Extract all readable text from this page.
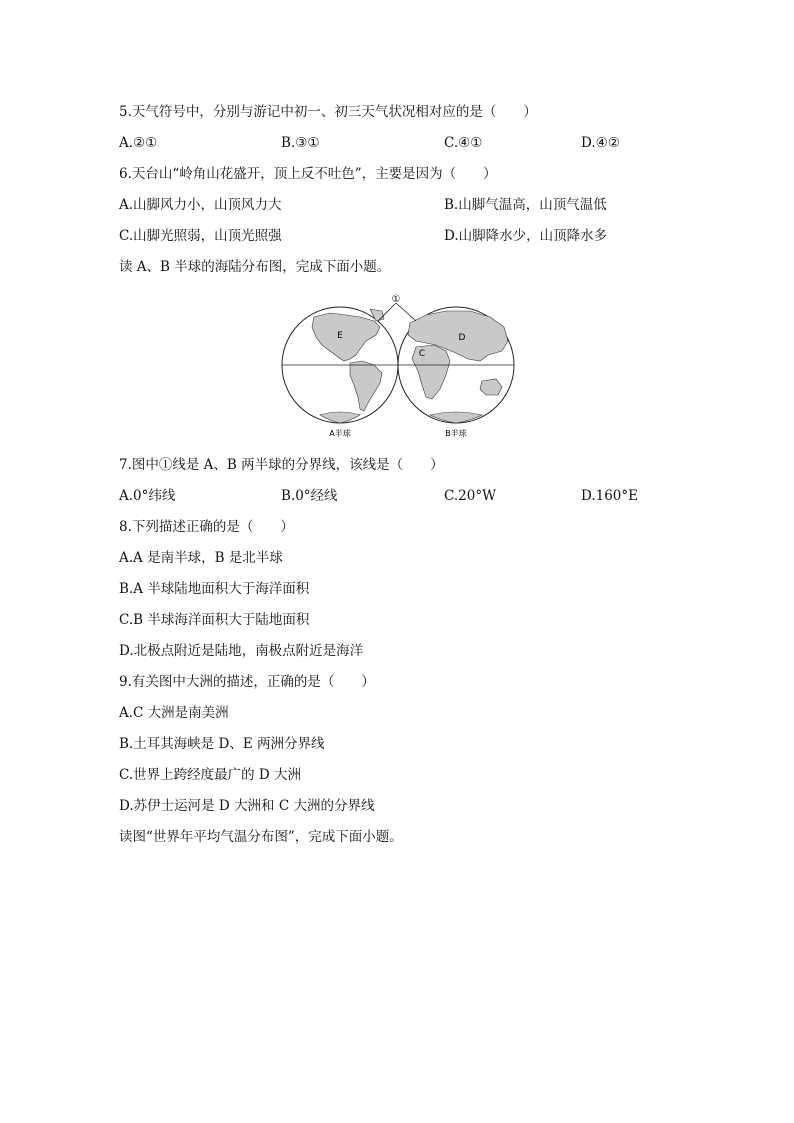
5.天气符号中，分别与游记中初一、初三天气状况相对应的是（　　）
A.②①	B.③①	C.④①	D.④②
6.天台山“岭角山花盛开，顶上反不吐色”，主要是因为（　　）
A.山脚风力小，山顶风力大	B.山脚气温高，山顶气温低
C.山脚光照弱，山顶光照强	D.山脚降水少，山顶降水多
读 A、B 半球的海陆分布图，完成下面小题。
①
E	D
C
A半球	B半球
7.图中①线是 A、B 两半球的分界线，该线是（　　）
A.0°纬线	B.0°经线	C.20°W	D.160°E
8.下列描述正确的是（　　）
A.A 是南半球，B 是北半球
B.A 半球陆地面积大于海洋面积
C.B 半球海洋面积大于陆地面积
D.北极点附近是陆地，南极点附近是海洋
9.有关图中大洲的描述，正确的是（　　）
A.C 大洲是南美洲
B.土耳其海峡是 D、E 两洲分界线
C.世界上跨经度最广的 D 大洲
D.苏伊士运河是 D 大洲和 C 大洲的分界线
读图“世界年平均气温分布图”，完成下面小题。
